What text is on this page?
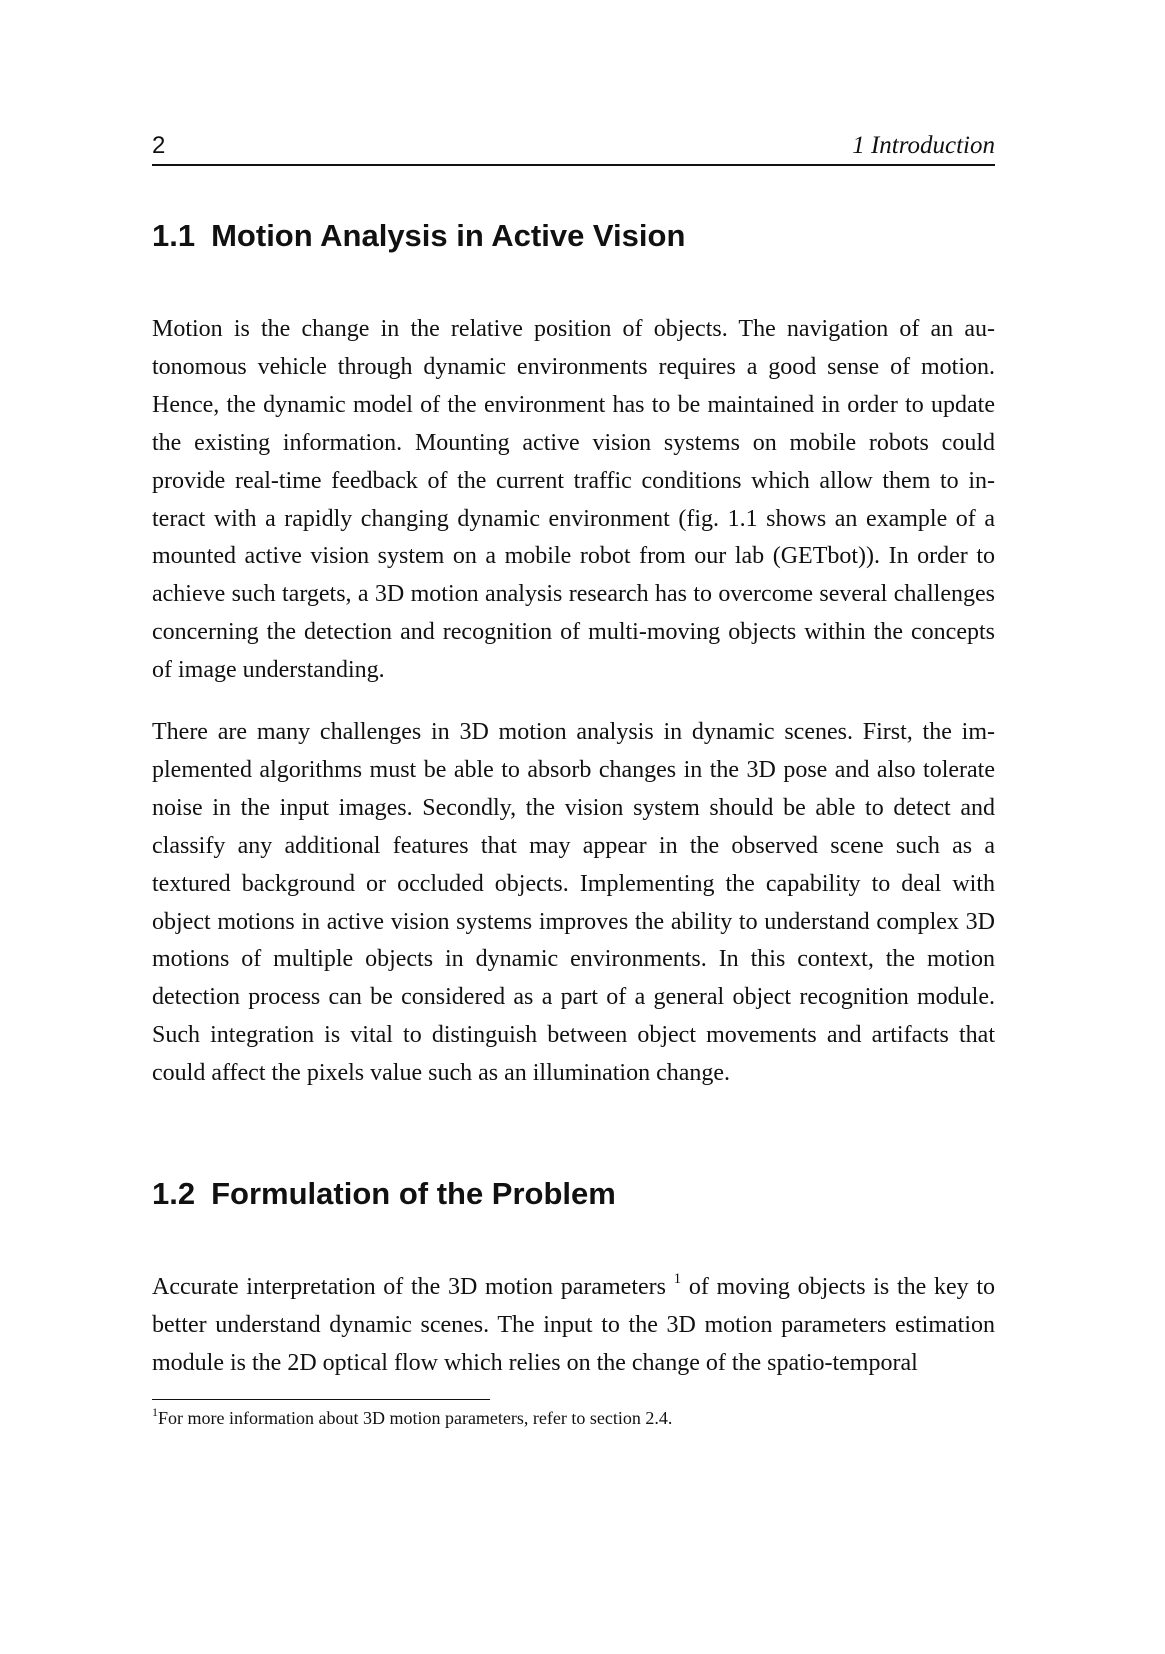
2	1 Introduction
1.1 Motion Analysis in Active Vision

Motion is the change in the relative position of objects. The navigation of an autonomous vehicle through dynamic environments requires a good sense of motion. Hence, the dynamic model of the environment has to be maintained in order to update the existing information. Mounting active vision systems on mobile robots could provide real-time feedback of the current traffic conditions which allow them to interact with a rapidly changing dynamic environment (fig. 1.1 shows an example of a mounted active vision system on a mobile robot from our lab (GETbot)). In order to achieve such targets, a 3D motion analysis research has to overcome several challenges concerning the detection and recognition of multi-moving objects within the concepts of image understanding.

There are many challenges in 3D motion analysis in dynamic scenes. First, the implemented algorithms must be able to absorb changes in the 3D pose and also tolerate noise in the input images. Secondly, the vision system should be able to detect and classify any additional features that may appear in the observed scene such as a textured background or occluded objects. Implementing the capability to deal with object motions in active vision systems improves the ability to understand complex 3D motions of multiple objects in dynamic environments. In this context, the motion detection process can be considered as a part of a general object recognition module. Such integration is vital to distinguish between object movements and artifacts that could affect the pixels value such as an illumination change.

1.2 Formulation of the Problem

Accurate interpretation of the 3D motion parameters $^1$ of moving objects is the key to better understand dynamic scenes. The input to the 3D motion parameters estimation module is the 2D optical flow which relies on the change of the spatio-temporal

$^1$For more information about 3D motion parameters, refer to section 2.4.
